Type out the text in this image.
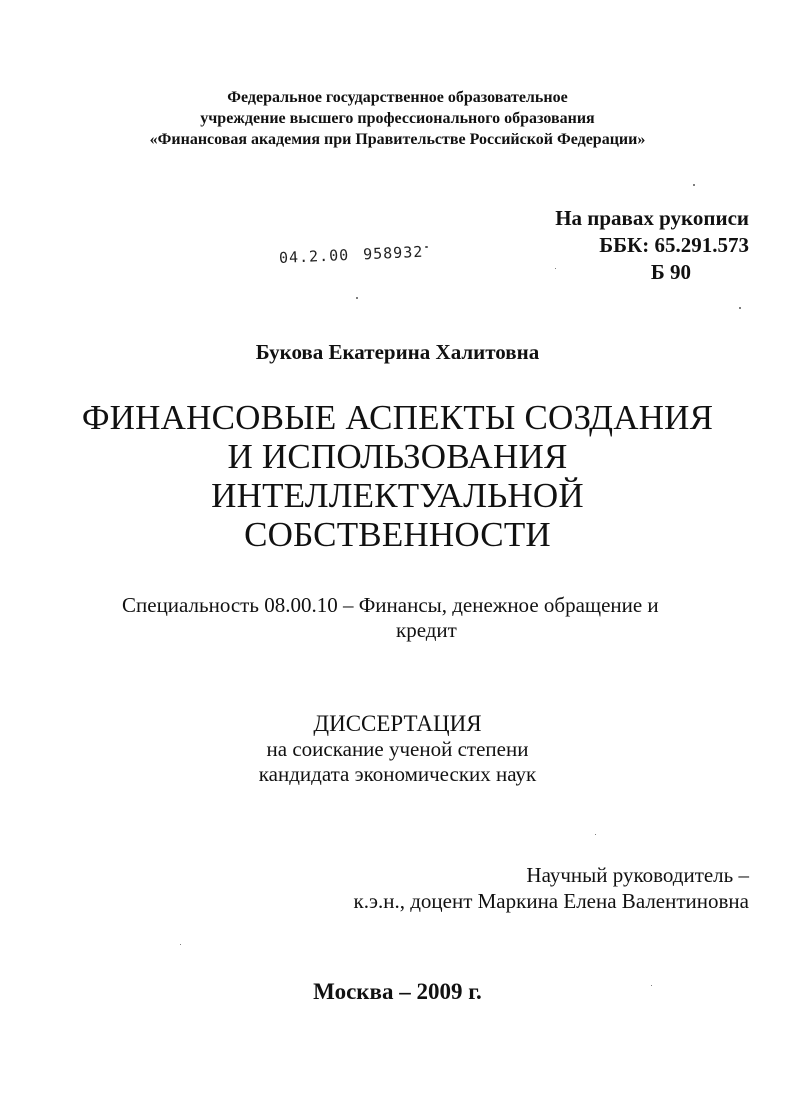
Федеральное государственное образовательное
учреждение высшего профессионального образования
«Финансовая академия при Правительстве Российской Федерации»
На правах рукописи
ББК: 65.291.573
Б 90
04.2.00 958932
Букова Екатерина Халитовна
ФИНАНСОВЫЕ АСПЕКТЫ СОЗДАНИЯ
И ИСПОЛЬЗОВАНИЯ
ИНТЕЛЛЕКТУАЛЬНОЙ
СОБСТВЕННОСТИ
Специальность 08.00.10 – Финансы, денежное обращение и
кредит
ДИССЕРТАЦИЯ
на соискание ученой степени
кандидата экономических наук
Научный руководитель –
к.э.н., доцент Маркина Елена Валентиновна
Москва – 2009 г.
